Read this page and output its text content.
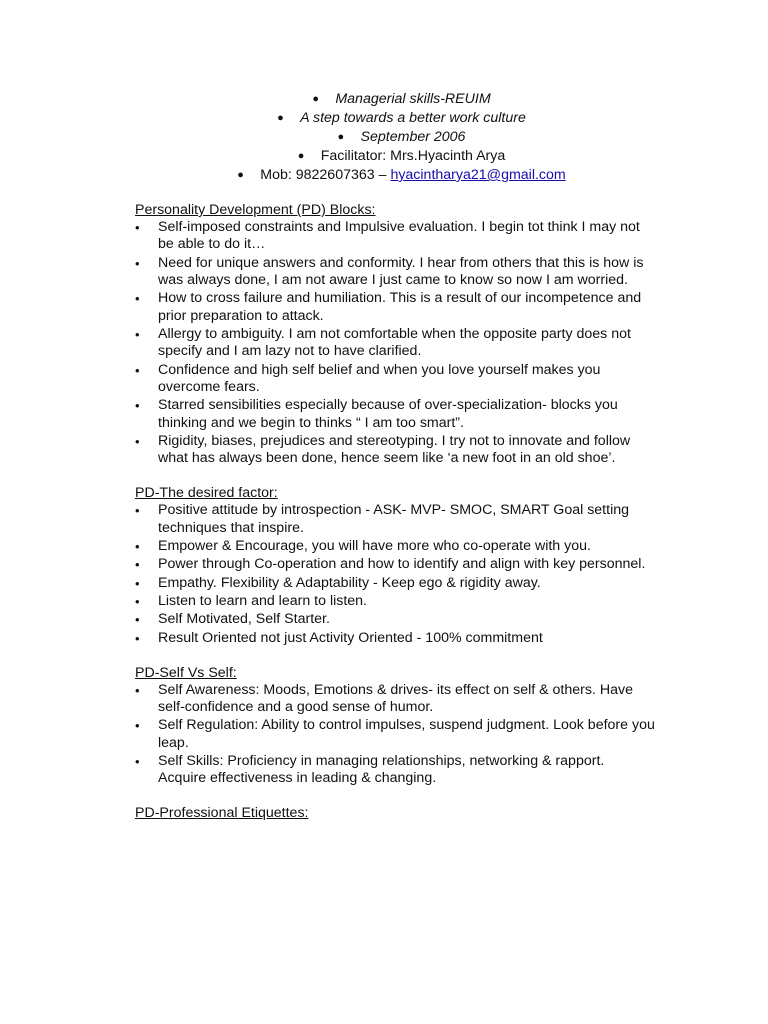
● Managerial skills-REUIM
● A step towards a better work culture
● September 2006
● Facilitator: Mrs.Hyacinth Arya
● Mob: 9822607363 – hyacintharya21@gmail.com
Personality Development (PD) Blocks:
• Self-imposed constraints and Impulsive evaluation. I begin tot think I may not be able to do it…
• Need for unique answers and conformity. I hear from others that this is how is was always done, I am not aware I just came to know so now I am worried.
• How to cross failure and humiliation. This is a result of our incompetence and prior preparation to attack.
• Allergy to ambiguity. I am not comfortable when the opposite party does not specify and I am lazy not to have clarified.
• Confidence and high self belief and when you love yourself makes you overcome fears.
• Starred sensibilities especially because of over-specialization- blocks you thinking and we begin to thinks “ I am too smart”.
• Rigidity, biases, prejudices and stereotyping. I try not to innovate and follow what has always been done, hence seem like ‘a new foot in an old shoe’.
PD-The desired factor:
• Positive attitude by introspection - ASK- MVP- SMOC, SMART Goal setting techniques that inspire.
• Empower & Encourage, you will have more who co-operate with you.
• Power through Co-operation and how to identify and align with key personnel.
• Empathy. Flexibility & Adaptability - Keep ego & rigidity away.
• Listen to learn and learn to listen.
• Self Motivated, Self Starter.
• Result Oriented not just Activity Oriented - 100% commitment
PD-Self Vs Self:
• Self Awareness: Moods, Emotions & drives- its effect on self & others. Have self-confidence and a good sense of humor.
• Self Regulation: Ability to control impulses, suspend judgment. Look before you leap.
• Self Skills: Proficiency in managing relationships, networking & rapport. Acquire effectiveness in leading & changing.
PD-Professional Etiquettes:
